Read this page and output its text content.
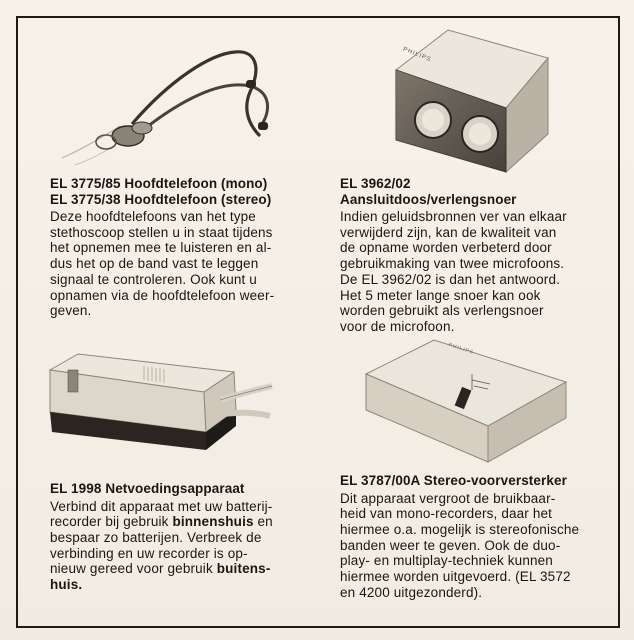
EL 3775/85 Hoofdtelefoon (mono)
EL 3775/38 Hoofdtelefoon (stereo)
Deze hoofdtelefoons van het type
stethoscoop stellen u in staat tijdens
het opnemen mee te luisteren en al-
dus het op de band vast te leggen
signaal te controleren. Ook kunt u
opnamen via de hoofdtelefoon weer-
geven.
PHILIPS
EL 3962/02
Aansluitdoos/verlengsnoer
Indien geluidsbronnen ver van elkaar
verwijderd zijn, kan de kwaliteit van
de opname worden verbeterd door
gebruikmaking van twee microfoons.
De EL 3962/02 is dan het antwoord.
Het 5 meter lange snoer kan ook
worden gebruikt als verlengsnoer
voor de microfoon.
EL 1998 Netvoedingsapparaat
Verbind dit apparaat met uw batterij-
recorder bij gebruik binnenshuis en
bespaar zo batterijen. Verbreek de
verbinding en uw recorder is op-
nieuw gereed voor gebruik buitens-
huis.
PHILIPS
EL 3787/00A Stereo-voorversterker
Dit apparaat vergroot de bruikbaar-
heid van mono-recorders, daar het
hiermee o.a. mogelijk is stereofonische
banden weer te geven. Ook de duo-
play- en multiplay-techniek kunnen
hiermee worden uitgevoerd. (EL 3572
en 4200 uitgezonderd).
